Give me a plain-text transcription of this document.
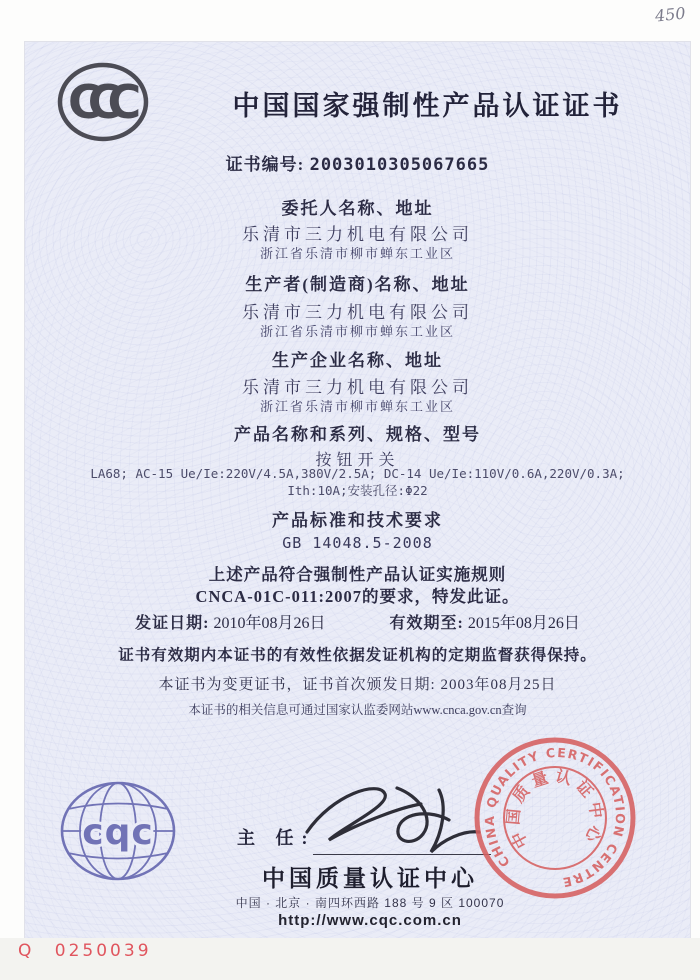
450
CCC	中国国家强制性产品认证证书
证书编号: 2003010305067665
委托人名称、地址
乐清市三力机电有限公司
浙江省乐清市柳市蝉东工业区
生产者(制造商)名称、地址
乐清市三力机电有限公司
浙江省乐清市柳市蝉东工业区
生产企业名称、地址
乐清市三力机电有限公司
浙江省乐清市柳市蝉东工业区
产品名称和系列、规格、型号
按钮开关
LA68; AC-15 Ue/Ie:220V/4.5A,380V/2.5A; DC-14 Ue/Ie:110V/0.6A,220V/0.3A;
Ith:10A;安装孔径:Φ22
产品标准和技术要求
GB 14048.5-2008
上述产品符合强制性产品认证实施规则
CNCA-01C-011:2007的要求，特发此证。
发证日期: 2010年08月26日	有效期至: 2015年08月26日
证书有效期内本证书的有效性依据发证机构的定期监督获得保持。
本证书为变更证书，证书首次颁发日期: 2003年08月25日
本证书的相关信息可通过国家认监委网站www.cnca.gov.cn查询
cqc	主 任:
中国质量认证中心
中国 · 北京 · 南四环西路 188 号 9 区 100070
http://www.cqc.com.cn
CHINA QUALITY CERTIFICATION CENTRE
中国质量认证中心
Q 0250039
